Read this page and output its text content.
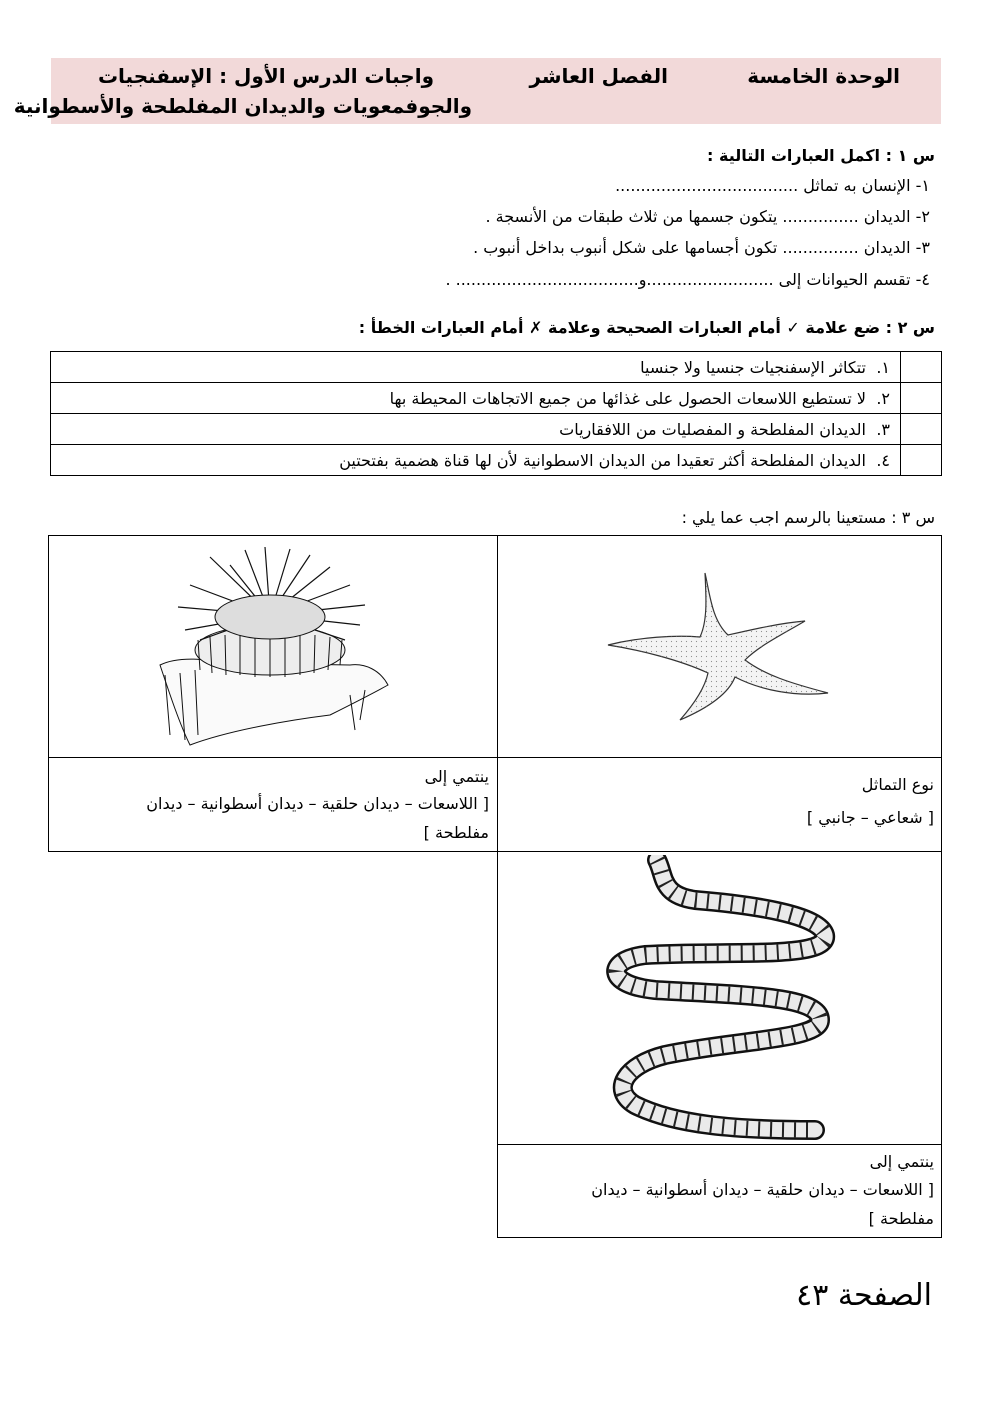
الوحدة الخامسة
الفصل العاشر
واجبات الدرس الأول : الإسفنجيات
والجوفمعويات والديدان المفلطحة والأسطوانية
س ١ : اكمل العبارات التالية :
١- الإنسان به تماثل ....................................
٢- الديدان ............... يتكون جسمها من ثلاث طبقات من الأنسجة .
٣- الديدان ............... تكون أجسامها على شكل أنبوب بداخل أنبوب .
٤- تقسم الحيوانات إلى .........................و.................................... .
س ٢ : ضع علامة ✓ أمام العبارات الصحيحة وعلامة ✗ أمام العبارات الخطأ :
	١.تتكاثر الإسفنجيات جنسيا ولا جنسيا
	٢.لا تستطيع اللاسعات الحصول على غذائها من جميع الاتجاهات المحيطة بها
	٣.الديدان المفلطحة و المفصليات من اللافقاريات
	٤.الديدان المفلطحة أكثر تعقيدا من الديدان الاسطوانية لأن لها قناة هضمية بفتحتين
س ٣ : مستعينا بالرسم اجب عما يلي :
نوع التماثل
[ شعاعي – جانبي ]
ينتمي إلى
[ اللاسعات – ديدان حلقية – ديدان أسطوانية – ديدان
مفلطحة ]
ينتمي إلى
[ اللاسعات – ديدان حلقية – ديدان أسطوانية – ديدان
مفلطحة ]
الصفحة ٤٣
